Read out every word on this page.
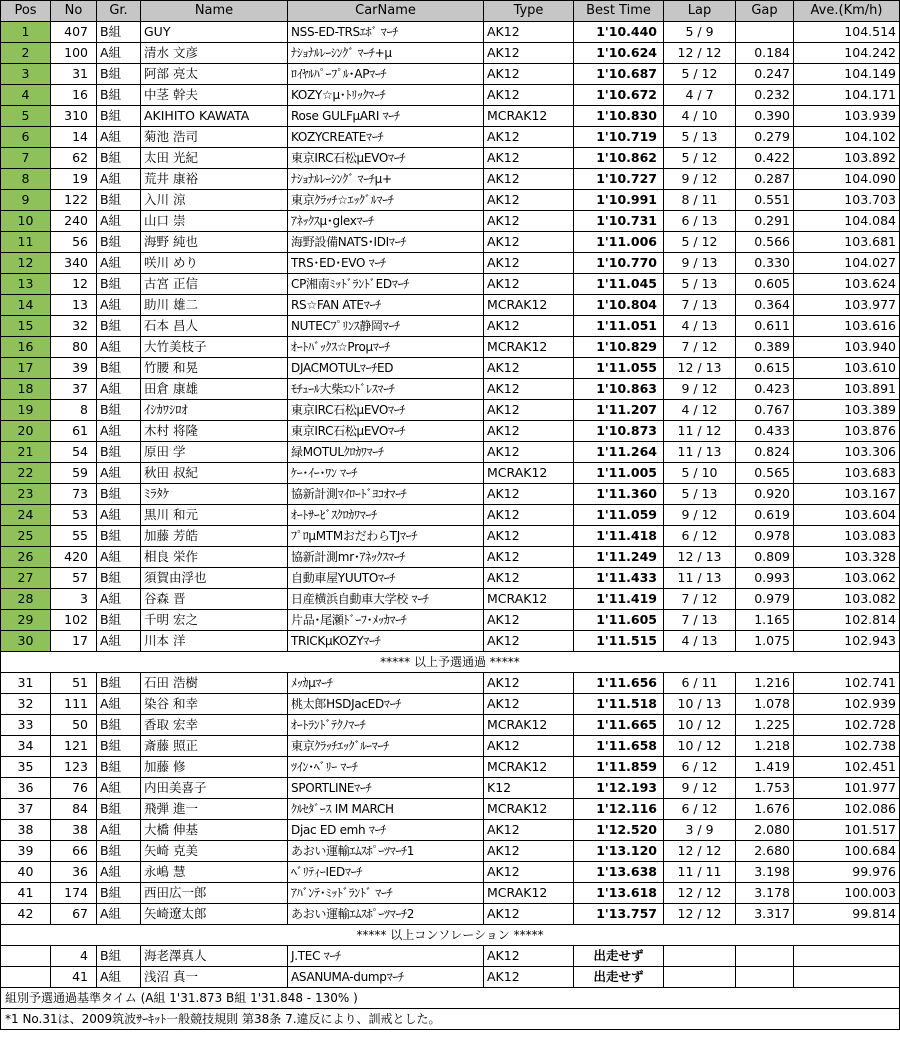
Pos	No	Gr.	Name	CarName	Type	Best Time	Lap	Gap	Ave.(Km/h)
1	407	B組	GUY	NSS-ED-TRSｴﾎﾞ ﾏｰﾁ	AK12	1'10.440	5 / 9		104.514
2	100	A組	清水 文彦	ﾅｼｮﾅﾙﾚｰｼﾝｸﾞ ﾏｰﾁ+μ	AK12	1'10.624	12 / 12	0.184	104.242
3	31	B組	阿部 亮太	ﾛｲﾔﾙﾊﾟｰﾌﾟﾙ･APﾏｰﾁ	AK12	1'10.687	5 / 12	0.247	104.149
4	16	B組	中茎 幹夫	KOZY☆μ･ﾄﾘｯｸﾏｰﾁ	AK12	1'10.672	4 / 7	0.232	104.171
5	310	B組	AKIHITO KAWATA	Rose GULFμARI ﾏｰﾁ	MCRAK12	1'10.830	4 / 10	0.390	103.939
6	14	A組	菊池 浩司	KOZYCREATEﾏｰﾁ	AK12	1'10.719	5 / 13	0.279	104.102
7	62	B組	太田 光紀	東京IRC石松μEVOﾏｰﾁ	AK12	1'10.862	5 / 12	0.422	103.892
8	19	A組	荒井 康裕	ﾅｼｮﾅﾙﾚｰｼﾝｸﾞ ﾏｰﾁμ+	AK12	1'10.727	9 / 12	0.287	104.090
9	122	B組	入川 涼	東京ｸﾗｯﾁ☆ｴｯｸﾞﾙﾏｰﾁ	AK12	1'10.991	8 / 11	0.551	103.703
10	240	A組	山口 崇	ｱﾈｯｸｽμ･glexﾏｰﾁ	AK12	1'10.731	6 / 13	0.291	104.084
11	56	B組	海野 純也	海野設備NATS･IDIﾏｰﾁ	AK12	1'11.006	5 / 12	0.566	103.681
12	340	A組	咲川 めり	TRS･ED･EVO ﾏｰﾁ	AK12	1'10.770	9 / 13	0.330	104.027
13	12	B組	古宮 正信	CP湘南ﾐｯﾄﾞﾗﾝﾄﾞEDﾏｰﾁ	AK12	1'11.045	5 / 13	0.605	103.624
14	13	A組	助川 雄二	RS☆FAN ATEﾏｰﾁ	MCRAK12	1'10.804	7 / 13	0.364	103.977
15	32	B組	石本 昌人	NUTECﾌﾟﾘﾝｽ静岡ﾏｰﾁ	AK12	1'11.051	4 / 13	0.611	103.616
16	80	A組	大竹美枝子	ｵｰﾄﾊﾞｯｸｽ☆Proμﾏｰﾁ	MCRAK12	1'10.829	7 / 12	0.389	103.940
17	39	B組	竹腰 和晃	DJACMOTULﾏｰﾁED	AK12	1'11.055	12 / 13	0.615	103.610
18	37	A組	田倉 康雄	ﾓﾁｭｰﾙ大柴ｴﾝﾄﾞﾚｽﾏｰﾁ	AK12	1'10.863	9 / 12	0.423	103.891
19	8	B組	ｲｼｶﾜｼﾛｵ	東京IRC石松μEVOﾏｰﾁ	AK12	1'11.207	4 / 12	0.767	103.389
20	61	A組	木村 将隆	東京IRC石松μEVOﾏｰﾁ	AK12	1'10.873	11 / 12	0.433	103.876
21	54	B組	原田 学	緑MOTULｸﾛｶﾜﾏｰﾁ	AK12	1'11.264	11 / 13	0.824	103.306
22	59	A組	秋田 叔紀	ｹｰ･ｲｰ･ﾜﾝ ﾏｰﾁ	MCRAK12	1'11.005	5 / 10	0.565	103.683
23	73	B組	ﾐﾗﾀｹ	協新計測ﾏｲﾛｰﾄﾞﾖｺｵﾏｰﾁ	AK12	1'11.360	5 / 13	0.920	103.167
24	53	A組	黒川 和元	ｵｰﾄｻｰﾋﾞｽｸﾛｶﾜﾏｰﾁ	AK12	1'11.059	9 / 12	0.619	103.604
25	55	B組	加藤 芳皓	ﾌﾟﾛμMTMおだわらTJﾏｰﾁ	AK12	1'11.418	6 / 12	0.978	103.083
26	420	A組	相良 栄作	協新計測mr･ｱﾈｯｸｽﾏｰﾁ	AK12	1'11.249	12 / 13	0.809	103.328
27	57	B組	須賀由浮也	自動車屋YUUTOﾏｰﾁ	AK12	1'11.433	11 / 13	0.993	103.062
28	3	A組	谷森 晋	日産横浜自動車大学校 ﾏｰﾁ	MCRAK12	1'11.419	7 / 12	0.979	103.082
29	102	B組	千明 宏之	片品･尾瀬ﾄﾞｰﾌ･ﾒｯｶﾏｰﾁ	AK12	1'11.605	7 / 13	1.165	102.814
30	17	A組	川本 洋	TRICKμKOZYﾏｰﾁ	AK12	1'11.515	4 / 13	1.075	102.943
***** 以上予選通過 *****									
31	51	B組	石田 浩樹	ﾒｯｶμﾏｰﾁ	AK12	1'11.656	6 / 11	1.216	102.741
32	111	A組	染谷 和幸	桃太郎HSDJacEDﾏｰﾁ	AK12	1'11.518	10 / 13	1.078	102.939
33	50	B組	香取 宏幸	ｵｰﾄﾗﾝﾄﾞﾃｸﾉﾏｰﾁ	MCRAK12	1'11.665	10 / 12	1.225	102.728
34	121	B組	斎藤 照正	東京ｸﾗｯﾁｴｯｸﾞﾙｰﾏｰﾁ	AK12	1'11.658	10 / 12	1.218	102.738
35	123	B組	加藤 修	ﾂｲﾝ･ﾍﾞﾘｰ ﾏｰﾁ	MCRAK12	1'11.859	6 / 12	1.419	102.451
36	76	A組	内田美喜子	SPORTLINEﾏｰﾁ	K12	1'12.193	9 / 12	1.753	101.977
37	84	B組	飛弾 進一	ｸﾙｾﾀﾞｰｽ IM MARCH	MCRAK12	1'12.116	6 / 12	1.676	102.086
38	38	A組	大橋 伸基	Djac ED emh ﾏｰﾁ	AK12	1'12.520	3 / 9	2.080	101.517
39	66	B組	矢崎 克美	あおい運輸ｴﾑｽﾎﾟｰﾂﾏｰﾁ1	AK12	1'13.120	12 / 12	2.680	100.684
40	36	A組	永嶋 慧	ﾍﾞﾘﾃｨｰIEDﾏｰﾁ	AK12	1'13.638	11 / 11	3.198	99.976
41	174	B組	西田広一郎	ｱﾊﾞﾝﾃ･ﾐｯﾄﾞﾗﾝﾄﾞ ﾏｰﾁ	MCRAK12	1'13.618	12 / 12	3.178	100.003
42	67	A組	矢崎遼太郎	あおい運輸ｴﾑｽﾎﾟｰﾂﾏｰﾁ2	AK12	1'13.757	12 / 12	3.317	99.814
***** 以上コンソレーション *****									
	4	B組	海老澤真人	J.TEC ﾏｰﾁ	AK12	出走せず			
	41	A組	浅沼 真一	ASANUMA-dumpﾏｰﾁ	AK12	出走せず			
組別予選通過基準タイム (A組 1'31.873 B組 1'31.848 - 130% )									
*1 No.31は、2009筑波ｻｰｷｯﾄ一般競技規則 第38条 7.違反により、訓戒とした。									
